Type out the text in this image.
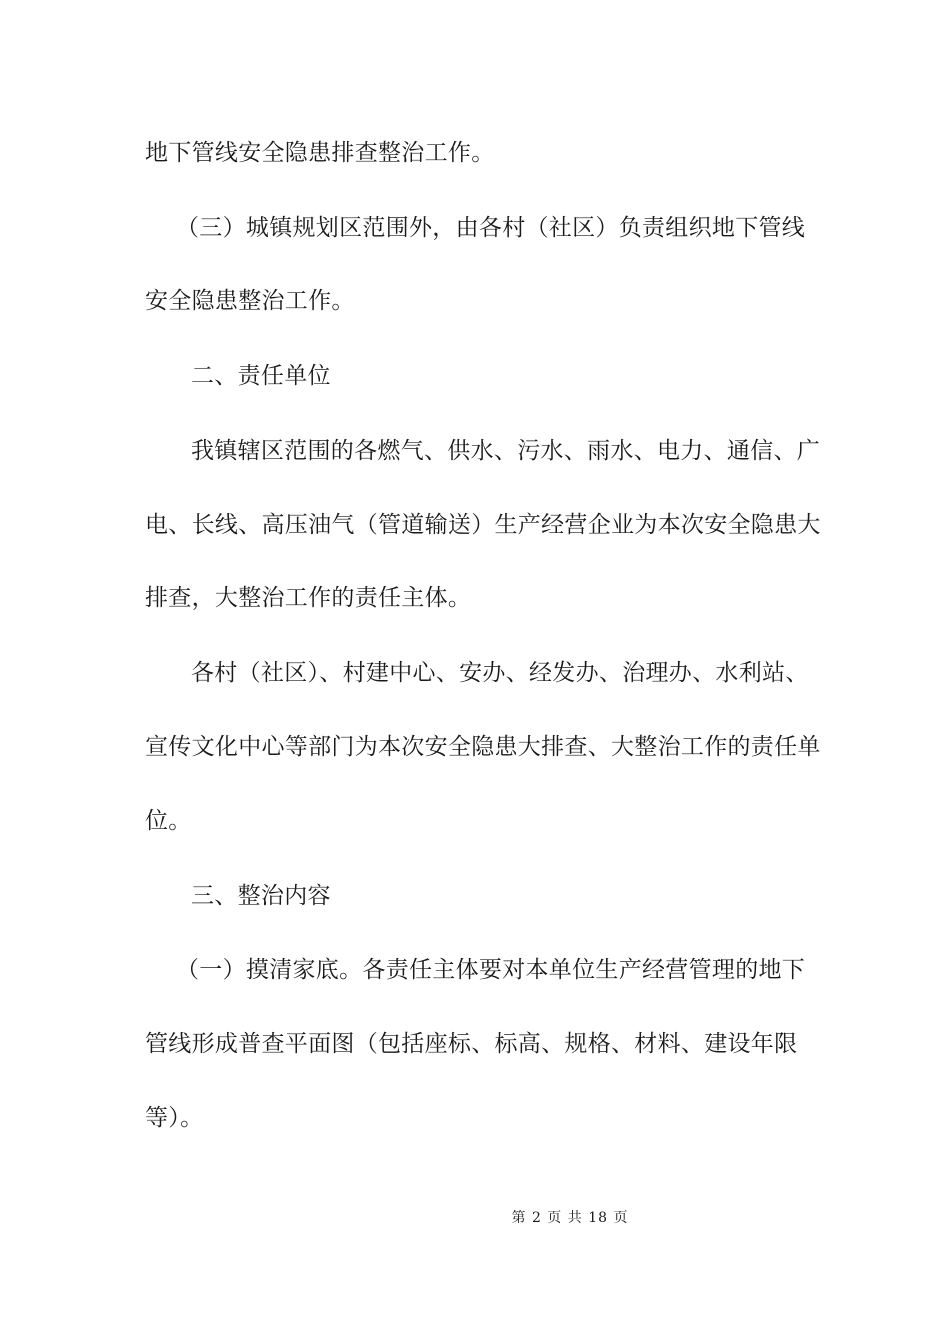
地下管线安全隐患排查整治工作。
（三）城镇规划区范围外，由各村（社区）负责组织地下管线
安全隐患整治工作。
二、责任单位
我镇辖区范围的各燃气、供水、污水、雨水、电力、通信、广
电、长线、高压油气（管道输送）生产经营企业为本次安全隐患大
排查，大整治工作的责任主体。
各村（社区）、村建中心、安办、经发办、治理办、水利站、
宣传文化中心等部门为本次安全隐患大排查、大整治工作的责任单
位。
三、整治内容
（一）摸清家底。各责任主体要对本单位生产经营管理的地下
管线形成普查平面图（包括座标、标高、规格、材料、建设年限
等）。
第 2 页 共 18 页
